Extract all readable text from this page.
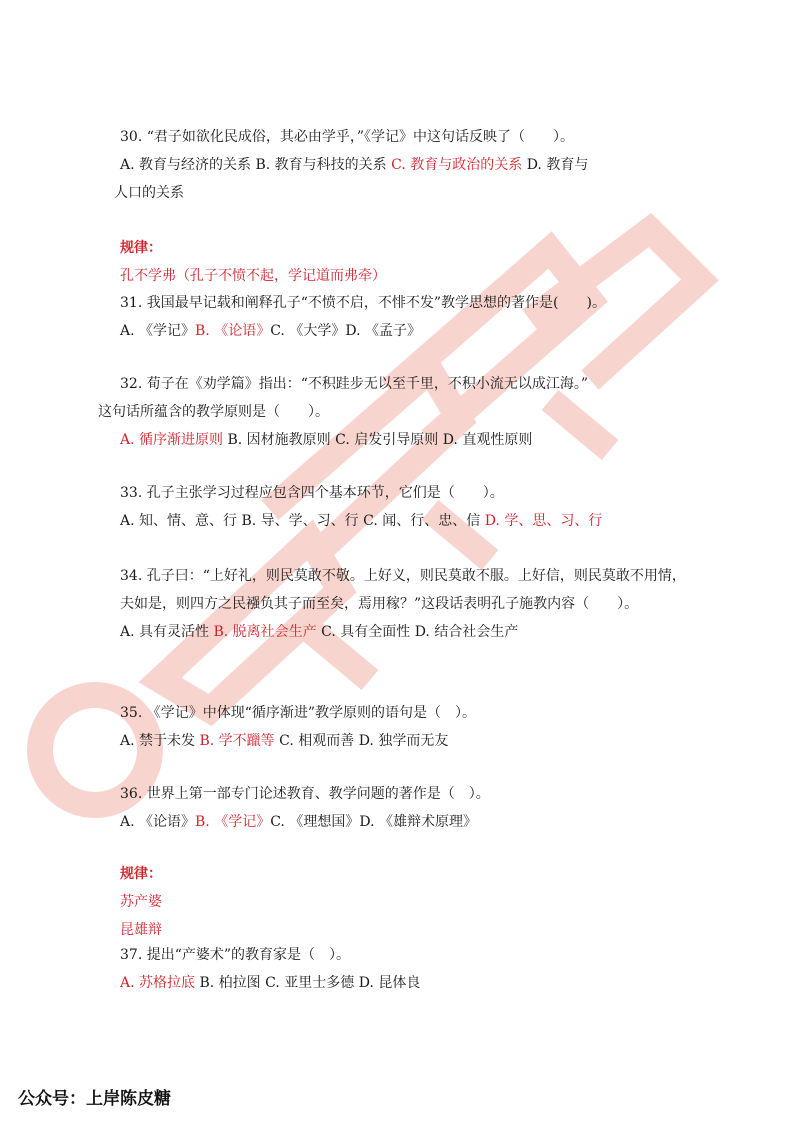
30. “君子如欲化民成俗，其必由学乎，”《学记》中这句话反映了（　　）。
A. 教育与经济的关系 B. 教育与科技的关系 C. 教育与政治的关系 D. 教育与
人口的关系
规律：
孔不学弗（孔子不愤不起，学记道而弗牵）
31. 我国最早记载和阐释孔子“不愤不启，不悱不发”教学思想的著作是(　　)。
A. 《学记》B. 《论语》C. 《大学》D. 《孟子》
32. 荀子在《劝学篇》指出：“不积跬步无以至千里，不积小流无以成江海。”
这句话所蕴含的教学原则是（　　）。
A. 循序渐进原则 B. 因材施教原则 C. 启发引导原则 D. 直观性原则
33. 孔子主张学习过程应包含四个基本环节，它们是（　　）。
A. 知、情、意、行 B. 导、学、习、行 C. 闻、行、忠、信 D. 学、思、习、行
34. 孔子曰：“上好礼，则民莫敢不敬。上好义，则民莫敢不服。上好信，则民莫敢不用情，夫如是，则四方之民襁负其子而至矣，焉用稼？”这段话表明孔子施教内容（　　）。
A. 具有灵活性 B. 脱离社会生产 C. 具有全面性 D. 结合社会生产
35. 《学记》中体现“循序渐进”教学原则的语句是（　）。
A. 禁于未发 B. 学不躐等 C. 相观而善 D. 独学而无友
36. 世界上第一部专门论述教育、教学问题的著作是（　）。
A. 《论语》B. 《学记》C. 《理想国》D. 《雄辩术原理》
规律：
苏产婆
昆雄辩
37. 提出“产婆术”的教育家是（　）。
A. 苏格拉底 B. 柏拉图 C. 亚里士多德 D. 昆体良
公众号：上岸陈皮糖
